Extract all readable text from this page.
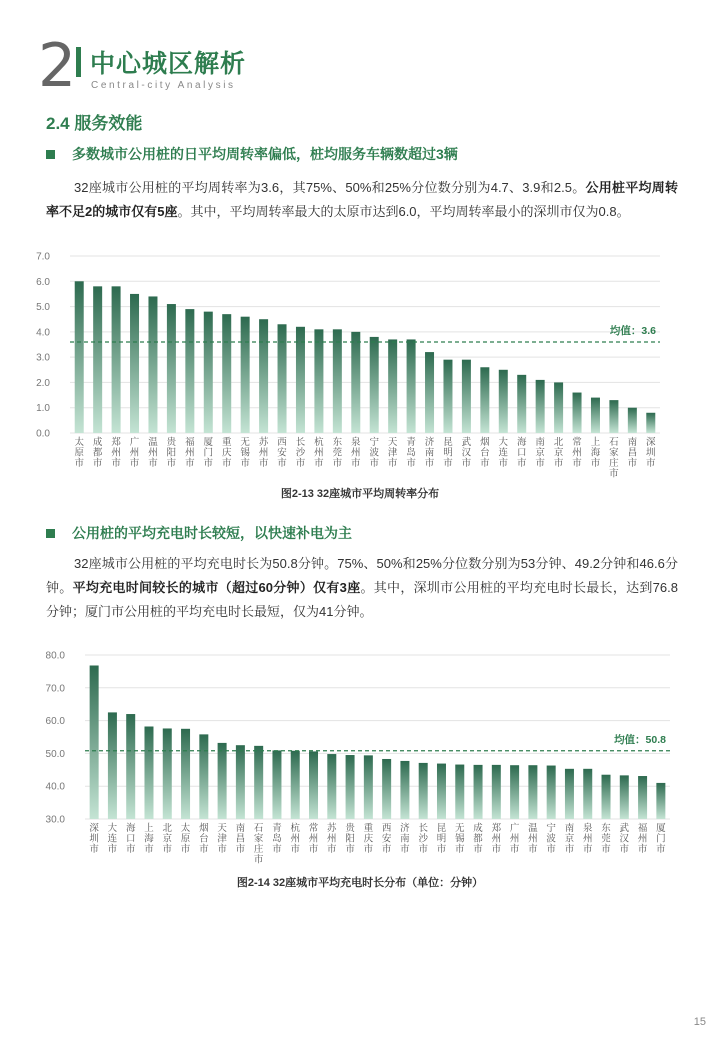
2 中心城区解析
Central-city Analysis
2.4 服务效能
多数城市公用桩的日平均周转率偏低，桩均服务车辆数超过3辆

32座城市公用桩的平均周转率为3.6，其75%、50%和25%分位数分别为4.7、3.9和2.5。公用桩平均周转率不足2的城市仅有5座。其中，平均周转率最大的太原市达到6.0，平均周转率最小的深圳市仅为0.8。

0.0
1.0
2.0
3.0
4.0
5.0
6.0
7.0
太原市
成都市
郑州市
广州市
温州市
贵阳市
福州市
厦门市
重庆市
无锡市
苏州市
西安市
长沙市
杭州市
东莞市
泉州市
宁波市
天津市
青岛市
济南市
昆明市
武汉市
烟台市
大连市
海口市
南京市
北京市
常州市
上海市
石家庄市
南昌市
深圳市
均值：3.6
图2-13 32座城市平均周转率分布
公用桩的平均充电时长较短，以快速补电为主

32座城市公用桩的平均充电时长为50.8分钟。75%、50%和25%分位数分别为53分钟、49.2分钟和46.6分钟。平均充电时间较长的城市（超过60分钟）仅有3座。其中，深圳市公用桩的平均充电时长最长，达到76.8分钟；厦门市公用桩的平均充电时长最短，仅为41分钟。

30.0
40.0
50.0
60.0
70.0
80.0
深圳市
大连市
海口市
上海市
北京市
太原市
烟台市
天津市
南昌市
石家庄市
青岛市
杭州市
常州市
苏州市
贵阳市
重庆市
西安市
济南市
长沙市
昆明市
无锡市
成都市
郑州市
广州市
温州市
宁波市
南京市
泉州市
东莞市
武汉市
福州市
厦门市
均值：50.8
图2-14 32座城市平均充电时长分布（单位：分钟）
15
